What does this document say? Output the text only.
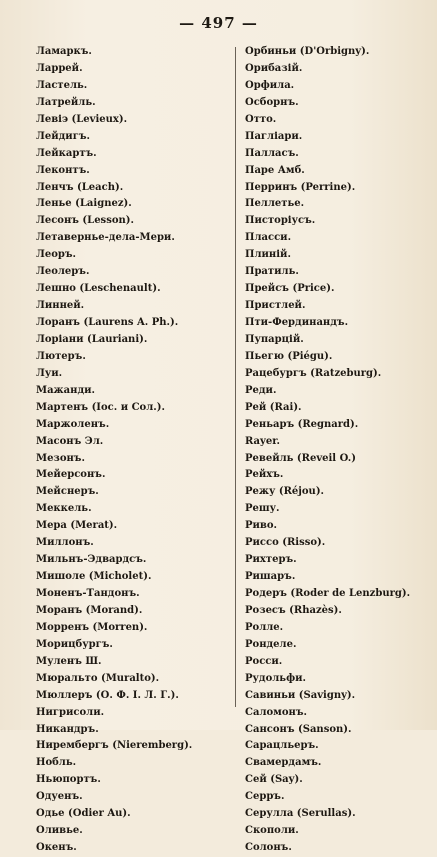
— 497 —
Ламаркъ.
Ларрей.
Ластель.
Латрейль.
Левіэ (Levieux).
Лейдигъ.
Лейкартъ.
Леконтъ.
Ленчъ (Leach).
Леньe (Laignez).
Лесонъ (Lesson).
Летавернье-дела-Мери.
Леоръ.
Леолеръ.
Лешно (Leschenault).
Линней.
Лоранъ (Laurens A. Ph.).
Лоріани (Lauriani).
Лютеръ.
Луи.
Мажанди.
Мартенъ (Іос. и Сол.).
Маржоленъ.
Масонъ Эл.
Мезонъ.
Мейерсонъ.
Мейснеръ.
Меккель.
Мера (Merat).
Миллонъ.
Мильнъ-Эдвардсъ.
Мишоле (Micholet).
Моненъ-Тандонъ.
Моранъ (Morand).
Морренъ (Morren).
Морицбургъ.
Муленъ Ш.
Мюральто (Muralto).
Мюллеръ (О. Ф. І. Л. Г.).
Нигрисоли.
Никандръ.
Нирембергъ (Nieremberg).
Нобль.
Ньюпортъ.
Одуенъ.
Одье (Odier Au).
Оливье.
Окенъ.
Орбиньи (D'Orbigny).
Орибазій.
Орфила.
Осборнъ.
Отто.
Пагліари.
Палласъ.
Паре Амб.
Перринъ (Perrine).
Пеллетье.
Писторіусъ.
Пласси.
Плиній.
Пратиль.
Прейсъ (Price).
Пристлей.
Пти-Фердинандъ.
Пупарцій.
Пьегю (Piégu).
Рацебургъ (Ratzeburg).
Реди.
Рей (Rai).
Реньаръ (Regnard).
Rayer.
Ревейль (Reveil O.)
Рейхъ.
Режу (Réjou).
Решу.
Риво.
Риссо (Risso).
Рихтеръ.
Ришаръ.
Родеръ (Roder de Lenzburg).
Розесъ (Rhazès).
Ролле.
Ронделе.
Росси.
Рудольфи.
Савиньи (Savigny).
Саломонъ.
Сансонъ (Sanson).
Сарацльеръ.
Свамердамъ.
Сей (Say).
Серръ.
Серулла (Serullas).
Скополи.
Солонъ.
